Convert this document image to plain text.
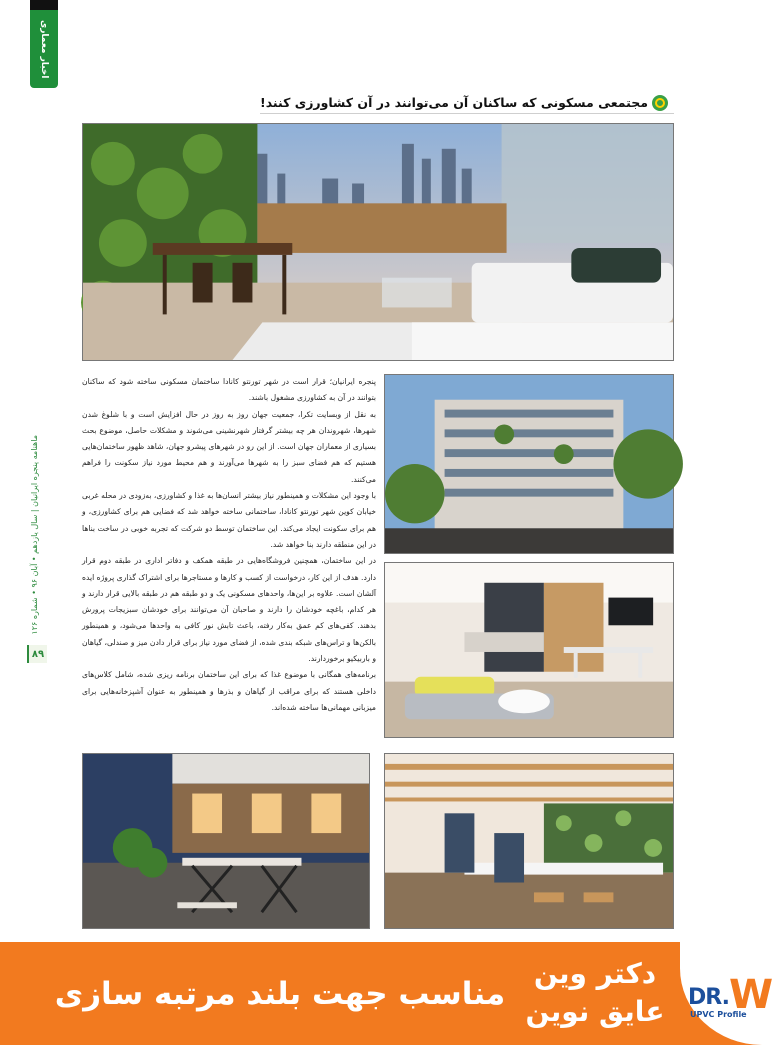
اخبار معماری
مجتمعی مسکونی که ساکنان آن می‌توانند در آن کشاورزی کنند!

پنجره ایرانیان؛ قرار است در شهر تورنتو کانادا ساختمان مسکونی ساخته شود که ساکنان بتوانند در آن به کشاورزی مشغول باشند.

به نقل از وبسایت تکرا، جمعیت جهان روز به روز در حال افزایش است و با شلوغ شدن شهرها، شهروندان هر چه بیشتر گرفتار شهرنشینی می‌شوند و مشکلات حاصل، موضوع بحث بسیاری از معماران جهان است. از این رو در شهرهای پیشرو جهان، شاهد ظهور ساختمان‌هایی هستیم که هم فضای سبز را به شهرها می‌آورند و هم محیط مورد نیاز سکونت را فراهم می‌کنند.

با وجود این مشکلات و همینطور نیاز بیشتر انسان‌ها به غذا و کشاورزی، به‌زودی در محله غربی خیابان کوین شهر تورنتو کانادا، ساختمانی ساخته خواهد شد که فضایی هم برای کشاورزی، و هم برای سکونت ایجاد می‌کند. این ساختمان توسط دو شرکت که تجربه خوبی در ساخت بناها در این منطقه دارند بنا خواهد شد.

در این ساختمان، همچنین فروشگاه‌هایی در طبقه همکف و دفاتر اداری در طبقه دوم قرار دارد. هدف از این کار، درخواست از کسب و کارها و مستاجرها برای اشتراک گذاری پروژه ایده آلشان است. علاوه بر این‌ها، واحدهای مسکونی یک و دو طبقه هم در طبقه بالایی قرار دارند و هر کدام، باغچه خودشان را دارند و صاحبان آن می‌توانند برای خودشان سبزیجات پرورش بدهند. کفی‌های کم عمق به‌کار رفته، باعث تابش نور کافی به واحدها می‌شود، و همینطور بالکن‌ها و تراس‌های شبکه بندی شده، از فضای مورد نیاز برای قرار دادن میز و صندلی، گیاهان و باربیکیو برخوردارند.

برنامه‌های همگانی با موضوع غذا که برای این ساختمان برنامه ریزی شده، شامل کلاس‌های داخلی هستند که برای مراقب از گیاهان و بذرها و همینطور به عنوان آشپزخانه‌هایی برای میزبانی مهمانی‌ها ساخته شده‌اند.

ماهنامه پنجره ایرانیان | سال یازدهم • آبان ۹۶ • شماره ۱۲۶
۸۹
مناسب جهت بلند مرتبه سازی
دکتر وین
عایق نوین DR.W
UPVC Profile
